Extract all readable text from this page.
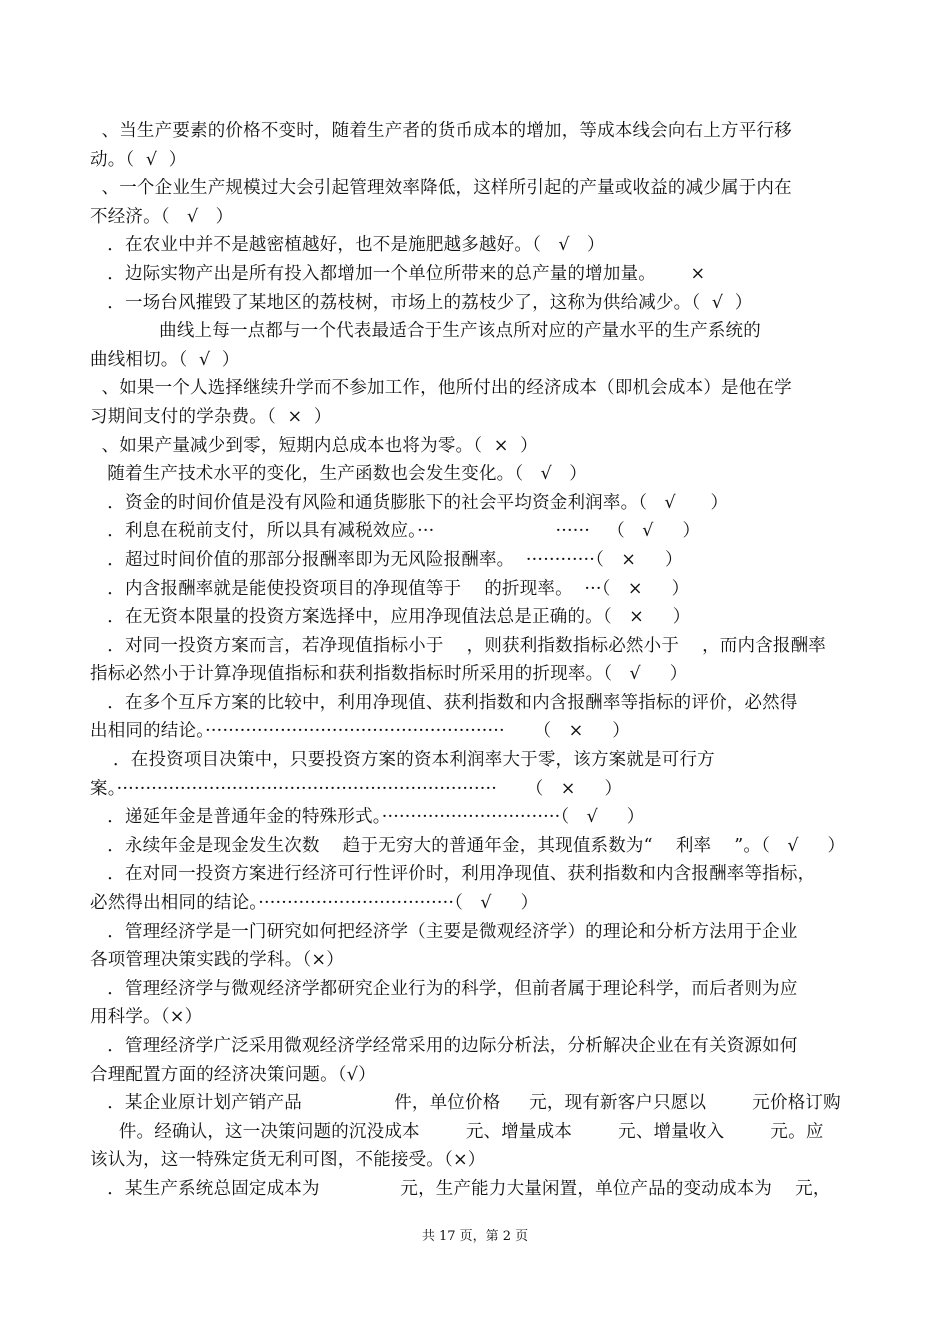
、当生产要素的价格不变时，随着生产者的货币成本的增加，等成本线会向右上方平行移
动。（  √  ）
、一个企业生产规模过大会引起管理效率降低，这样所引起的产量或收益的减少属于内在
不经济。（   √   ）
．在农业中并不是越密植越好，也不是施肥越多越好。（   √   ）
．边际实物产出是所有投入都增加一个单位所带来的总产量的增加量。      ×
．一场台风摧毁了某地区的荔枝树，市场上的荔枝少了，这称为供给减少。（  √  ）
曲线上每一点都与一个代表最适合于生产该点所对应的产量水平的生产系统的
曲线相切。（  √  ）
、如果一个人选择继续升学而不参加工作，他所付出的经济成本（即机会成本）是他在学
习期间支付的学杂费。（  ×  ）
、如果产量减少到零，短期内总成本也将为零。（  ×  ）
随着生产技术水平的变化，生产函数也会发生变化。（   √   ）
．资金的时间价值是没有风险和通货膨胀下的社会平均资金利润率。（   √      ）
．利息在税前支付，所以具有减税效应。···                     ······   （   √     ）
．超过时间价值的那部分报酬率即为无风险报酬率。  ············（   ×     ）
．内含报酬率就是能使投资项目的净现值等于    的折现率。  ···（   ×     ）
．在无资本限量的投资方案选择中，应用净现值法总是正确的。（   ×     ）
．对同一投资方案而言，若净现值指标小于    ，则获利指数指标必然小于    ，而内含报酬率
指标必然小于计算净现值指标和获利指数指标时所采用的折现率。（   √     ）
．在多个互斥方案的比较中，利用净现值、获利指数和内含报酬率等指标的评价，必然得
出相同的结论。····················································     （   ×     ）
．在投资项目决策中，只要投资方案的资本利润率大于零，该方案就是可行方
案。··································································     （   ×     ）
．递延年金是普通年金的特殊形式。·······························（   √     ）
．永续年金是现金发生次数    趋于无穷大的普通年金，其现值系数为“    利率    ”。（   √     ）
．在对同一投资方案进行经济可行性评价时，利用净现值、获利指数和内含报酬率等指标，
必然得出相同的结论。··································（   √     ）
．管理经济学是一门研究如何把经济学（主要是微观经济学）的理论和分析方法用于企业
各项管理决策实践的学科。（×）
．管理经济学与微观经济学都研究企业行为的科学，但前者属于理论科学，而后者则为应
用科学。（×）
．管理经济学广泛采用微观经济学经常采用的边际分析法，分析解决企业在有关资源如何
合理配置方面的经济决策问题。（√）
．某企业原计划产销产品                件，单位价格     元，现有新客户只愿以        元价格订购
件。经确认，这一决策问题的沉没成本        元、增量成本        元、增量收入        元。应
该认为，这一特殊定货无利可图，不能接受。（×）
．某生产系统总固定成本为              元，生产能力大量闲置，单位产品的变动成本为    元，
共 17 页，第 2 页
